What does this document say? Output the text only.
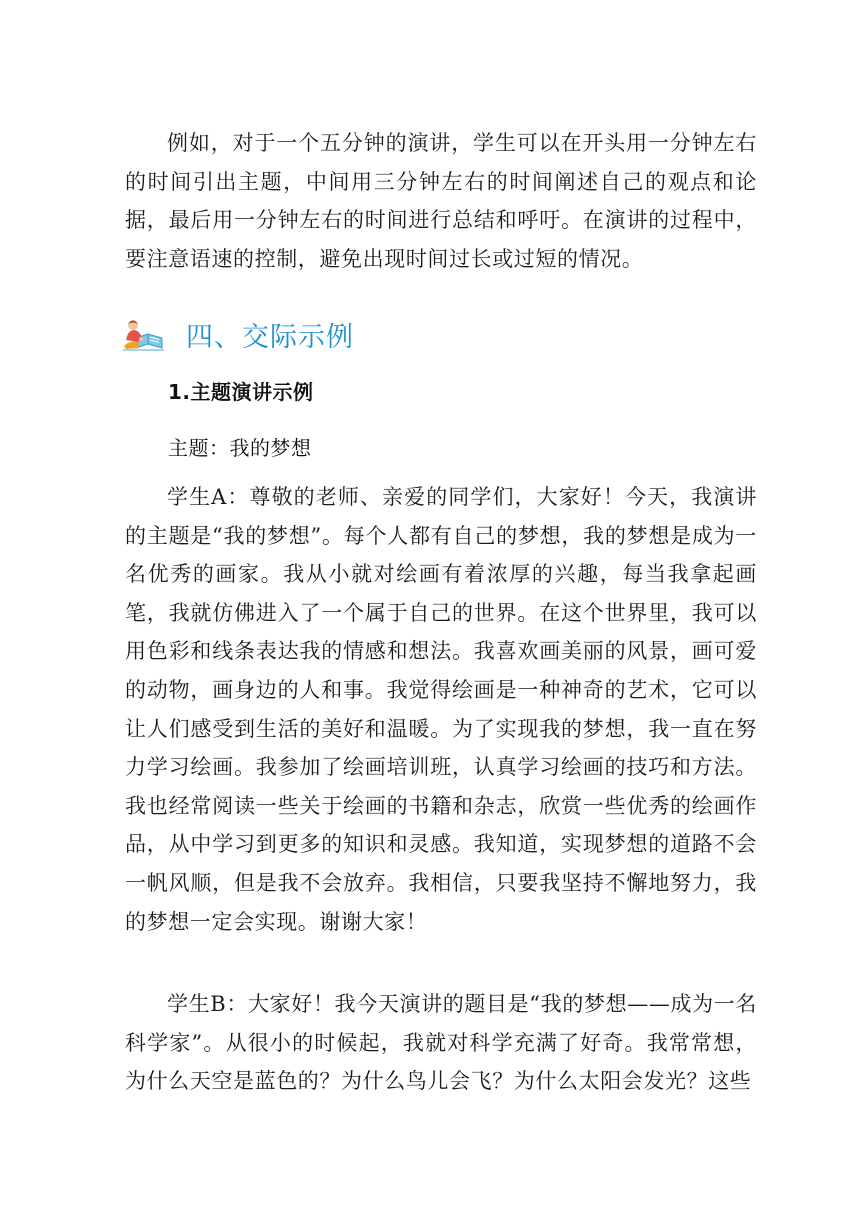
例如，对于一个五分钟的演讲，学生可以在开头用一分钟左右的时间引出主题，中间用三分钟左右的时间阐述自己的观点和论据，最后用一分钟左右的时间进行总结和呼吁。在演讲的过程中，要注意语速的控制，避免出现时间过长或过短的情况。

四、交际示例
1.主题演讲示例
主题：我的梦想

学生A：尊敬的老师、亲爱的同学们，大家好！今天，我演讲的主题是“我的梦想”。每个人都有自己的梦想，我的梦想是成为一名优秀的画家。我从小就对绘画有着浓厚的兴趣，每当我拿起画笔，我就仿佛进入了一个属于自己的世界。在这个世界里，我可以用色彩和线条表达我的情感和想法。我喜欢画美丽的风景，画可爱的动物，画身边的人和事。我觉得绘画是一种神奇的艺术，它可以让人们感受到生活的美好和温暖。为了实现我的梦想，我一直在努力学习绘画。我参加了绘画培训班，认真学习绘画的技巧和方法。我也经常阅读一些关于绘画的书籍和杂志，欣赏一些优秀的绘画作品，从中学习到更多的知识和灵感。我知道，实现梦想的道路不会一帆风顺，但是我不会放弃。我相信，只要我坚持不懈地努力，我的梦想一定会实现。谢谢大家！

学生B：大家好！我今天演讲的题目是“我的梦想——成为一名科学家”。从很小的时候起，我就对科学充满了好奇。我常常想，为什么天空是蓝色的？为什么鸟儿会飞？为什么太阳会发光？这些
